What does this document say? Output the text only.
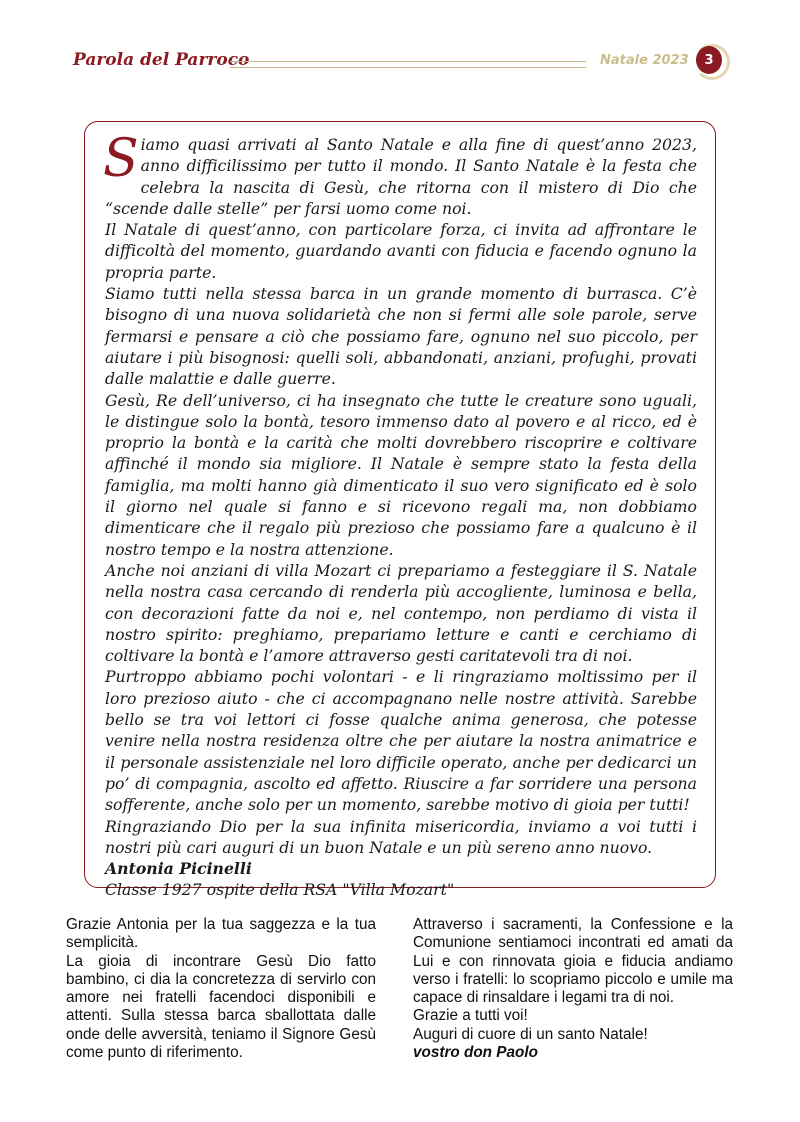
Parola del Parroco	Natale 2023	3

Siamo quasi arrivati al Santo Natale e alla fine di quest’anno 2023, anno difficilissimo per tutto il mondo. Il Santo Natale è la festa che celebra la nascita di Gesù, che ritorna con il mistero di Dio che “scende dalle stelle” per farsi uomo come noi.

Il Natale di quest’anno, con particolare forza, ci invita ad affrontare le difficoltà del momento, guardando avanti con fiducia e facendo ognuno la propria parte.

Siamo tutti nella stessa barca in un grande momento di burrasca. C’è bisogno di una nuova solidarietà che non si fermi alle sole parole, serve fermarsi e pensare a ciò che possiamo fare, ognuno nel suo piccolo, per aiutare i più bisognosi: quelli soli, abbandonati, anziani, profughi, provati dalle malattie e dalle guerre.

Gesù, Re dell’universo, ci ha insegnato che tutte le creature sono uguali, le distingue solo la bontà, tesoro immenso dato al povero e al ricco, ed è proprio la bontà e la carità che molti dovrebbero riscoprire e coltivare affinché il mondo sia migliore. Il Natale è sempre stato la festa della famiglia, ma molti hanno già dimenticato il suo vero significato ed è solo il giorno nel quale si fanno e si ricevono regali ma, non dobbiamo dimenticare che il regalo più prezioso che possiamo fare a qualcuno è il nostro tempo e la nostra attenzione.

Anche noi anziani di villa Mozart ci prepariamo a festeggiare il S. Natale nella nostra casa cercando di renderla più accogliente, luminosa e bella, con decorazioni fatte da noi e, nel contempo, non perdiamo di vista il nostro spirito: preghiamo, prepariamo letture e canti e cerchiamo di coltivare la bontà e l’amore attraverso gesti caritatevoli tra di noi.

Purtroppo abbiamo pochi volontari - e li ringraziamo moltissimo per il loro prezioso aiuto - che ci accompagnano nelle nostre attività. Sarebbe bello se tra voi lettori ci fosse qualche anima generosa, che potesse venire nella nostra residenza oltre che per aiutare la nostra animatrice e il personale assistenziale nel loro difficile operato, anche per dedicarci un po’ di compagnia, ascolto ed affetto. Riuscire a far sorridere una persona sofferente, anche solo per un momento, sarebbe motivo di gioia per tutti!

Ringraziando Dio per la sua infinita misericordia, inviamo a voi tutti i nostri più cari auguri di un buon Natale e un più sereno anno nuovo.

Antonia Picinelli

Classe 1927 ospite della RSA "Villa Mozart"

Grazie Antonia per la tua saggezza e la tua semplicità.

La gioia di incontrare Gesù Dio fatto bambino, ci dia la concretezza di servirlo con amore nei fratelli facendoci disponibili e attenti. Sulla stessa barca sballottata dalle onde delle avversità, teniamo il Signore Gesù come punto di riferimento.

Attraverso i sacramenti, la Confessione e la Comunione sentiamoci incontrati ed amati da Lui e con rinnovata gioia e fiducia andiamo verso i fratelli: lo scopriamo piccolo e umile ma capace di rinsaldare i legami tra di noi.

Grazie a tutti voi!

Auguri di cuore di un santo Natale!

vostro don Paolo
